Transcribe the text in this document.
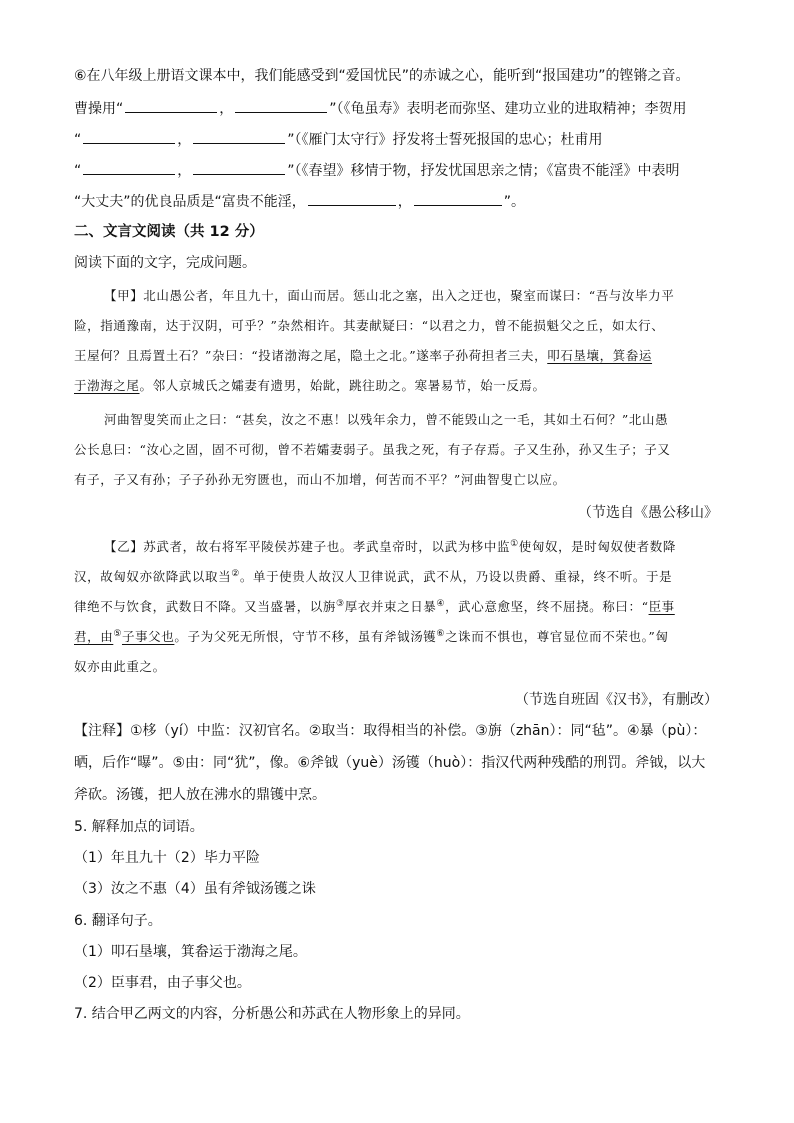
⑥在八年级上册语文课本中，我们能感受到“爱国忧民”的赤诚之心，能听到“报国建功”的铿锵之音。
曹操用“	，	”（《龟虽寿》表明老而弥坚、建功立业的进取精神；李贺用
“	，	”（《雁门太守行》抒发将士誓死报国的忠心；杜甫用
“	，	”（《春望》移情于物，抒发忧国思亲之情；《富贵不能淫》中表明
“大丈夫”的优良品质是“富贵不能淫，	，	”。
二、文言文阅读（共 12 分）
阅读下面的文字，完成问题。
【甲】北山愚公者，年且九十，面山而居。惩山北之塞，出入之迂也，聚室而谋曰：“吾与汝毕力平
险，指通豫南，达于汉阴，可乎？”杂然相许。其妻献疑曰：“以君之力，曾不能损魁父之丘，如太行、
王屋何？且焉置土石？”杂曰：“投诸渤海之尾，隐土之北。”遂率子孙荷担者三夫，叩石垦壤，箕畚运
于渤海之尾。邻人京城氏之孀妻有遗男，始龀，跳往助之。寒暑易节，始一反焉。
河曲智叟笑而止之曰：“甚矣，汝之不惠！以残年余力，曾不能毁山之一毛，其如土石何？”北山愚
公长息曰：“汝心之固，固不可彻，曾不若孀妻弱子。虽我之死，有子存焉。子又生孙，孙又生子；子又
有子，子又有孙；子子孙孙无穷匮也，而山不加增，何苦而不平？”河曲智叟亡以应。
（节选自《愚公移山》
【乙】苏武者，故右将军平陵侯苏建子也。孝武皇帝时，以武为栘中监①使匈奴，是时匈奴使者数降
汉，故匈奴亦欲降武以取当②。单于使贵人故汉人卫律说武，武不从，乃设以贵爵、重禄，终不听。于是
律绝不与饮食，武数日不降。又当盛暑，以旃③厚衣并束之日暴④，武心意愈坚，终不屈挠。称曰：“臣事
君，由⑤子事父也。子为父死无所恨，守节不移，虽有斧钺汤镬⑥之诛而不惧也，尊官显位而不荣也。”匈
奴亦由此重之。
（节选自班固《汉书》，有删改）
【注释】①栘（yí）中监：汉初官名。②取当：取得相当的补偿。③旃（zhān）：同“毡”。④暴（pù）：
晒，后作“曝”。⑤由：同“犹”，像。⑥斧钺（yuè）汤镬（huò）：指汉代两种残酷的刑罚。斧钺，以大
斧砍。汤镬，把人放在沸水的鼎镬中烹。
5. 解释加点的词语。
（1）年且九十（2）毕力平险
（3）汝之不惠（4）虽有斧钺汤镬之诛
6. 翻译句子。
（1）叩石垦壤，箕畚运于渤海之尾。
（2）臣事君，由子事父也。
7. 结合甲乙两文的内容，分析愚公和苏武在人物形象上的异同。
